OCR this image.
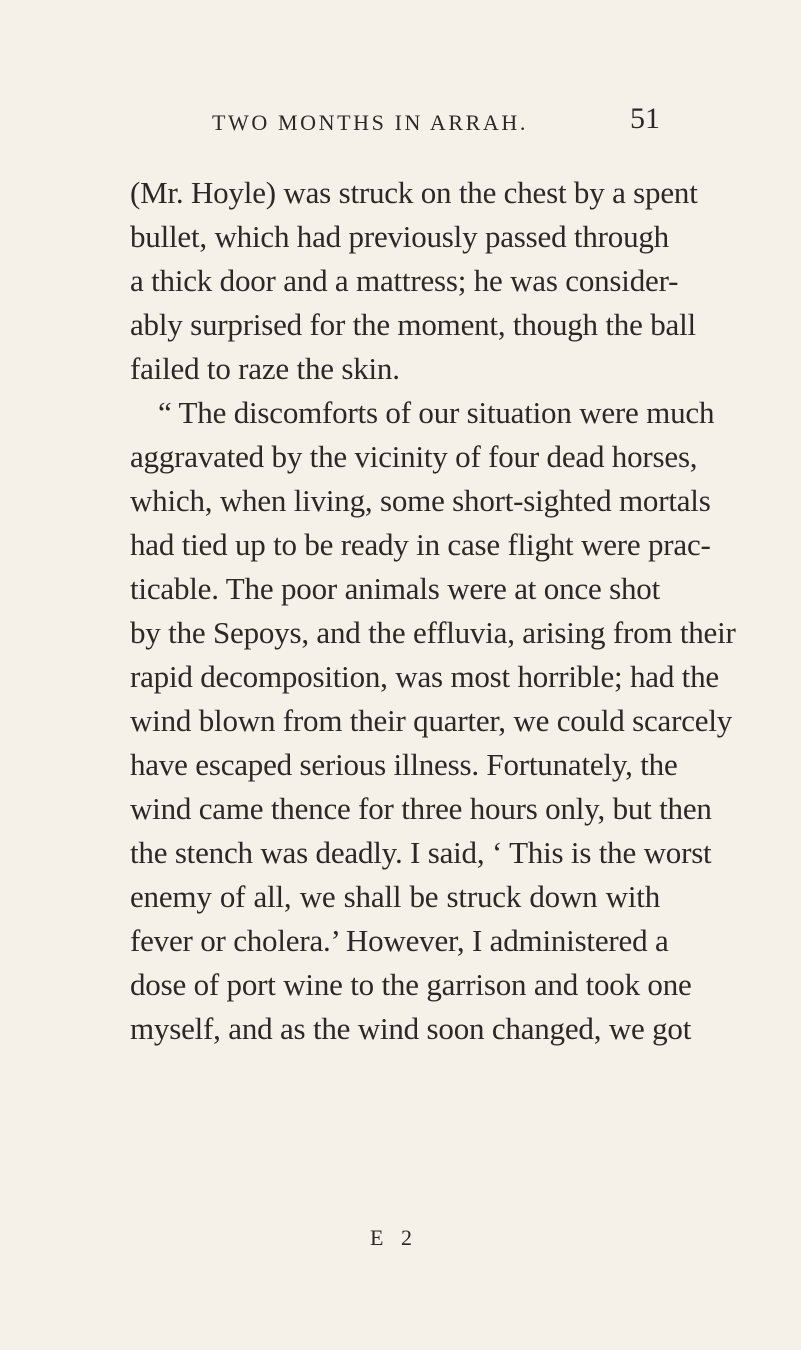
TWO MONTHS IN ARRAH.	51
(Mr. Hoyle) was struck on the chest by a spent
bullet, which had previously passed through
a thick door and a mattress; he was consider-
ably surprised for the moment, though the ball
failed to raze the skin.
“ The discomforts of our situation were much
aggravated by the vicinity of four dead horses,
which, when living, some short-sighted mortals
had tied up to be ready in case flight were prac-
ticable. The poor animals were at once shot
by the Sepoys, and the effluvia, arising from their
rapid decomposition, was most horrible; had the
wind blown from their quarter, we could scarcely
have escaped serious illness. Fortunately, the
wind came thence for three hours only, but then
the stench was deadly. I said, ‘ This is the worst
enemy of all, we shall be struck down with
fever or cholera.’ However, I administered a
dose of port wine to the garrison and took one
myself, and as the wind soon changed, we got
E 2
